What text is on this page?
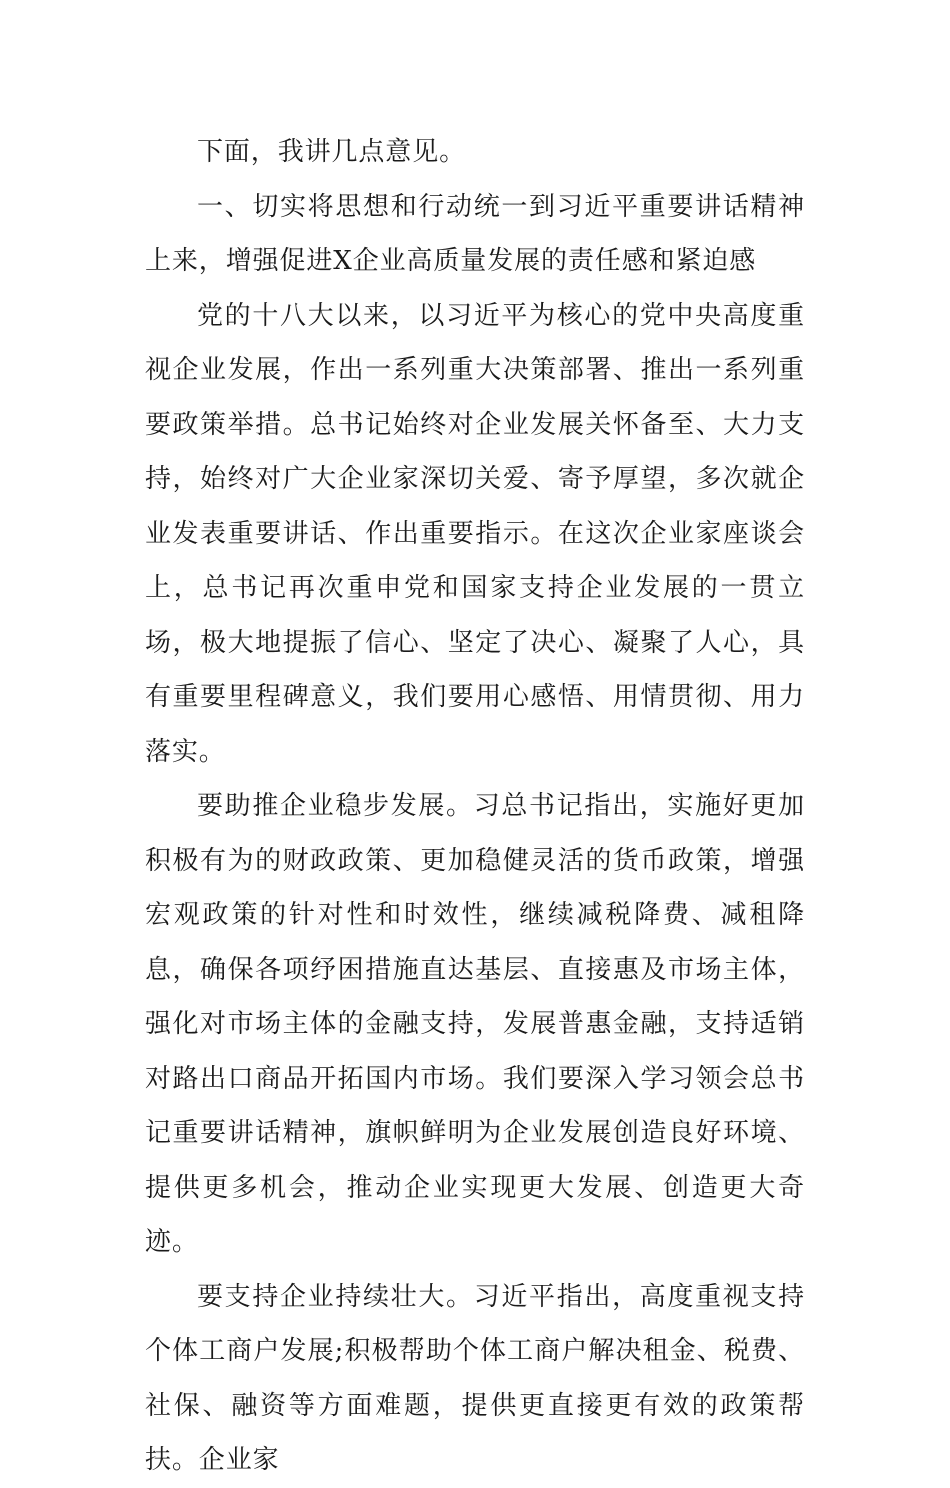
下面，我讲几点意见。

一、切实将思想和行动统一到习近平重要讲话精神上来，增强促进X企业高质量发展的责任感和紧迫感

党的十八大以来，以习近平为核心的党中央高度重视企业发展，作出一系列重大决策部署、推出一系列重要政策举措。总书记始终对企业发展关怀备至、大力支持，始终对广大企业家深切关爱、寄予厚望，多次就企业发表重要讲话、作出重要指示。在这次企业家座谈会上，总书记再次重申党和国家支持企业发展的一贯立场，极大地提振了信心、坚定了决心、凝聚了人心，具有重要里程碑意义，我们要用心感悟、用情贯彻、用力落实。

要助推企业稳步发展。习总书记指出，实施好更加积极有为的财政政策、更加稳健灵活的货币政策，增强宏观政策的针对性和时效性，继续减税降费、减租降息，确保各项纾困措施直达基层、直接惠及市场主体，强化对市场主体的金融支持，发展普惠金融，支持适销对路出口商品开拓国内市场。我们要深入学习领会总书记重要讲话精神，旗帜鲜明为企业发展创造良好环境、提供更多机会，推动企业实现更大发展、创造更大奇迹。

要支持企业持续壮大。习近平指出，高度重视支持个体工商户发展;积极帮助个体工商户解决租金、税费、社保、融资等方面难题，提供更直接更有效的政策帮扶。企业家
